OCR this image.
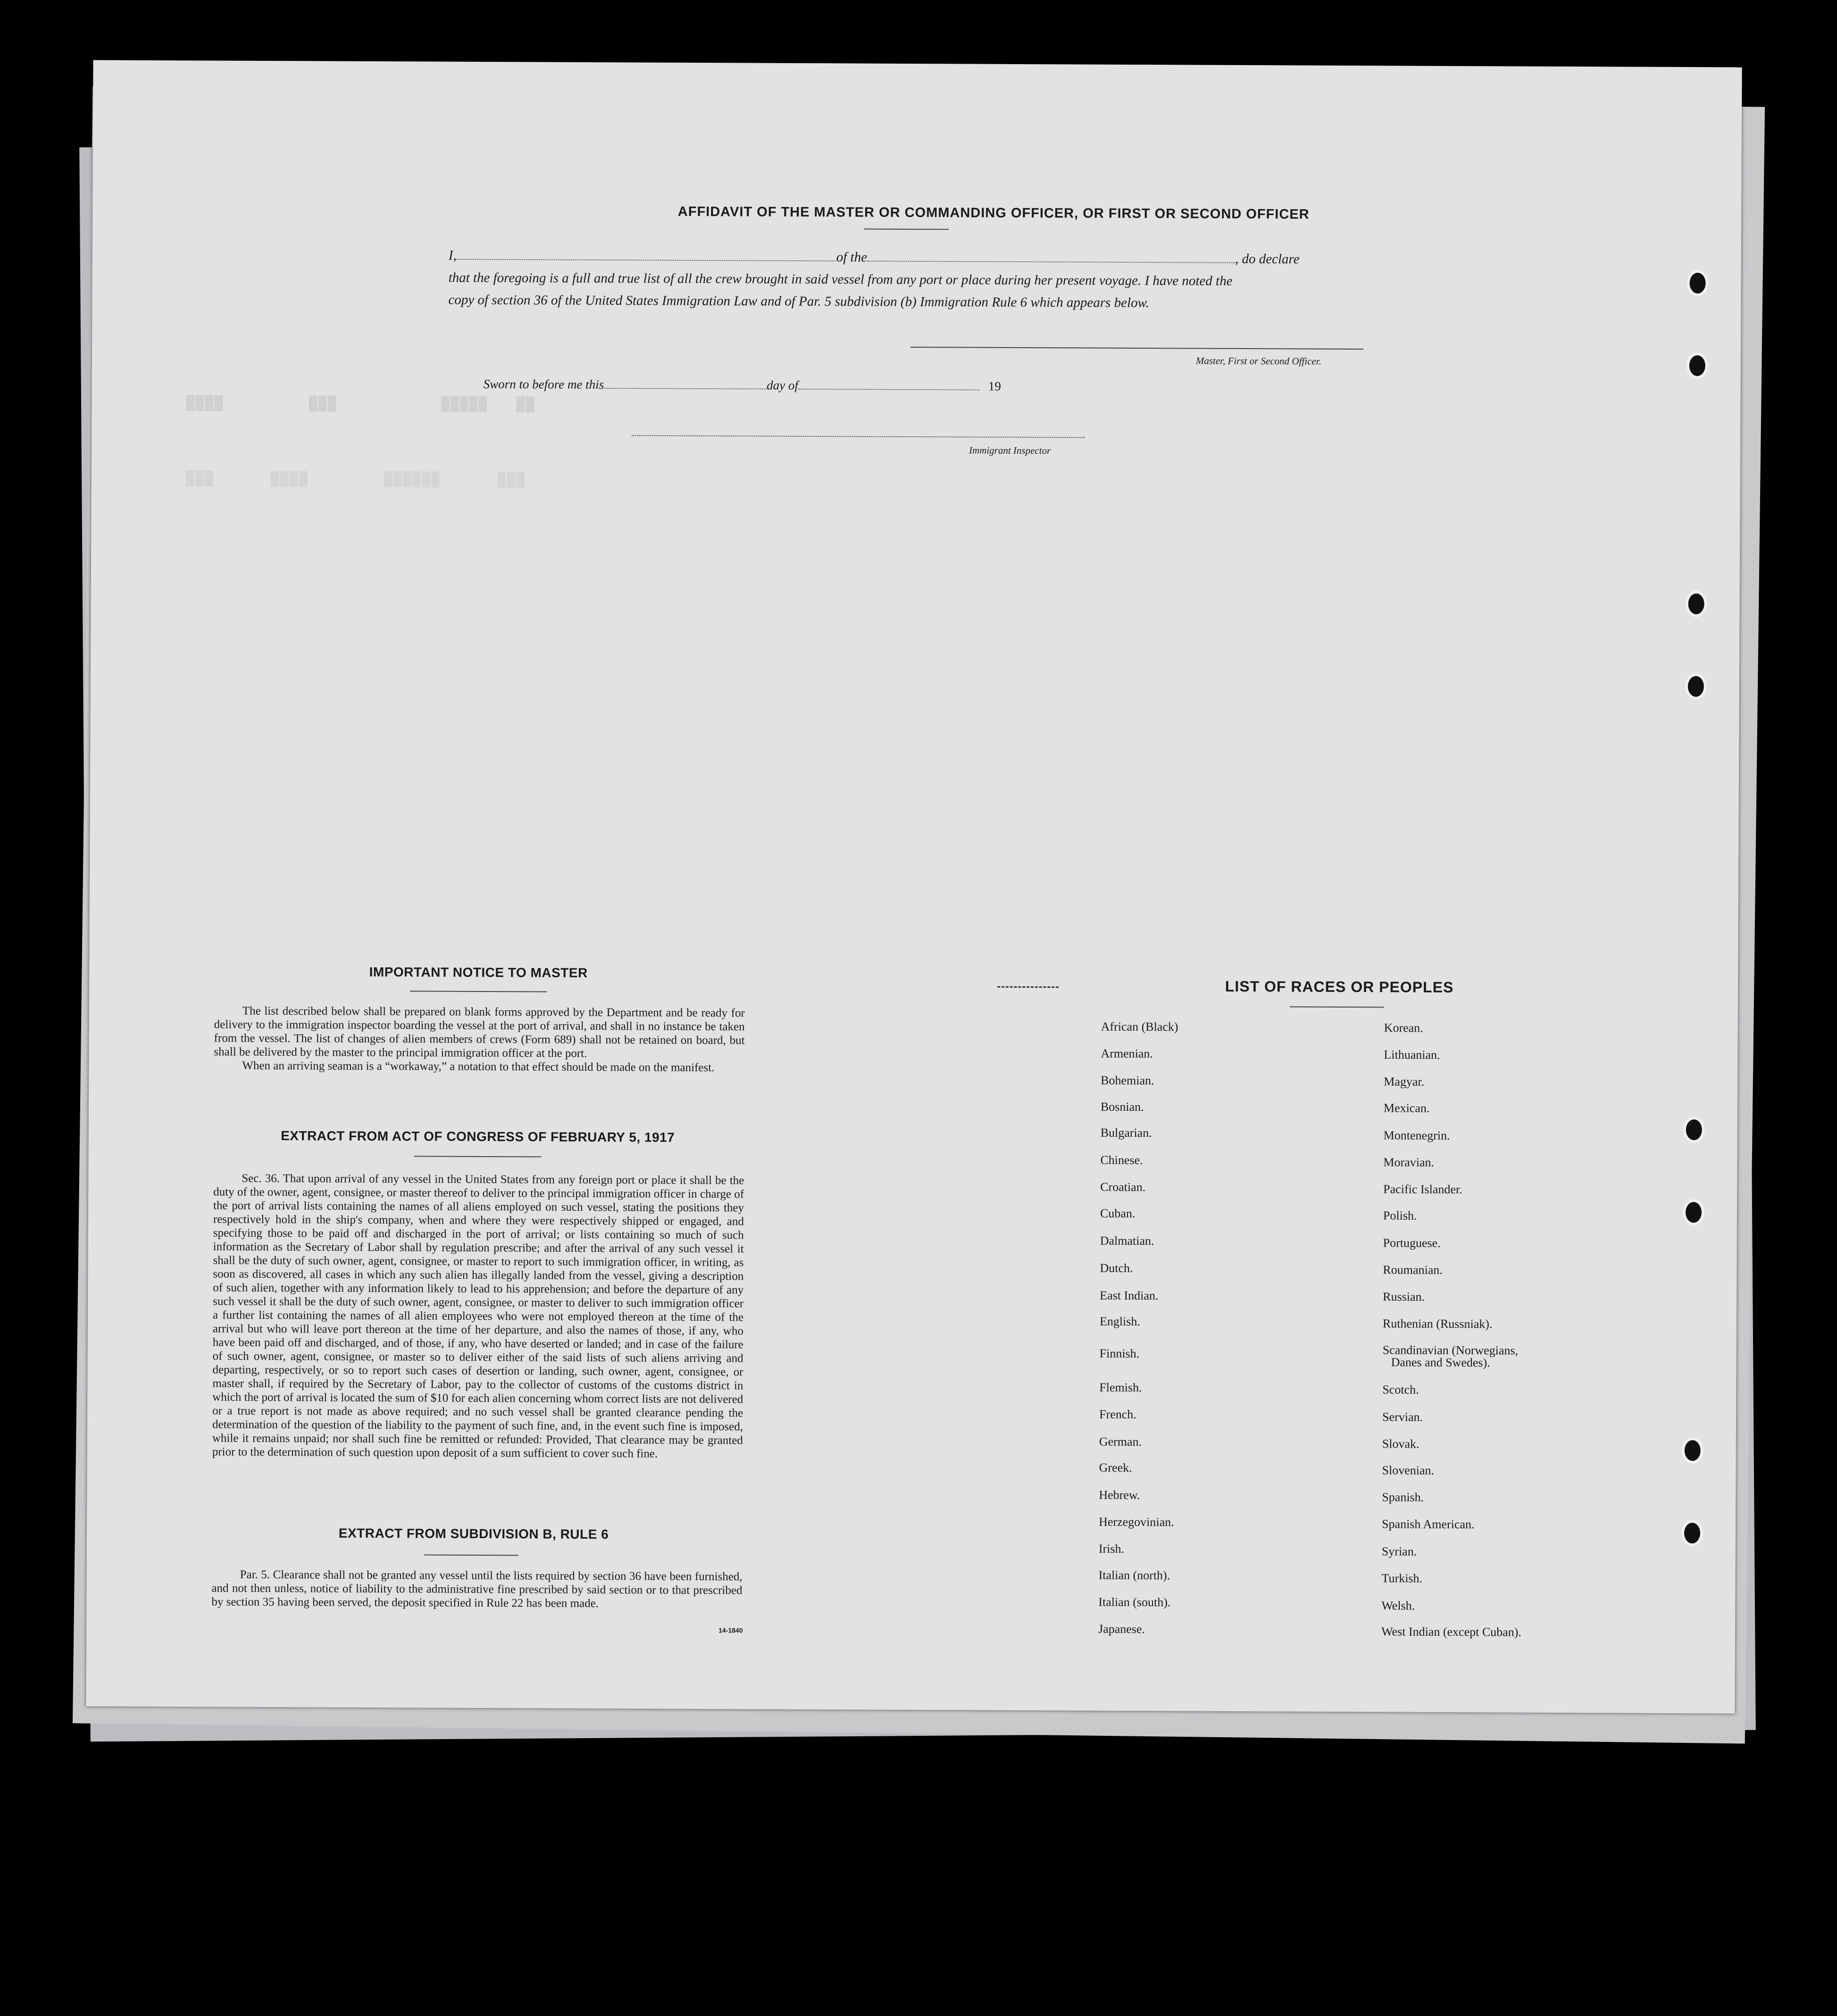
████         ███           █████   ██
███      ████        ██████      ███
AFFIDAVIT OF THE MASTER OR COMMANDING OFFICER, OR FIRST OR SECOND OFFICER
I,	of the	, do declare
that the foregoing is a full and true list of all the crew brought in said vessel from any port or place during her present voyage. I have noted the
copy of section 36 of the United States Immigration Law and of Par. 5 subdivision (b) Immigration Rule 6 which appears below.
Master, First or Second Officer.
Sworn to before me this	day of	19
Immigrant Inspector
IMPORTANT NOTICE TO MASTER

The list described below shall be prepared on blank forms approved by the Department and be ready for delivery to the immigration inspector boarding the vessel at the port of arrival, and shall in no instance be taken from the vessel. The list of changes of alien members of crews (Form 689) shall not be retained on board, but shall be delivered by the master to the principal immigration officer at the port.

When an arriving seaman is a “workaway,” a notation to that effect should be made on the manifest.

EXTRACT FROM ACT OF CONGRESS OF FEBRUARY 5, 1917

Sec. 36. That upon arrival of any vessel in the United States from any foreign port or place it shall be the duty of the owner, agent, consignee, or master thereof to deliver to the principal immigration officer in charge of the port of arrival lists containing the names of all aliens employed on such vessel, stating the positions they respectively hold in the ship's company, when and where they were respectively shipped or engaged, and specifying those to be paid off and discharged in the port of arrival; or lists containing so much of such information as the Secretary of Labor shall by regulation prescribe; and after the arrival of any such vessel it shall be the duty of such owner, agent, consignee, or master to report to such immigration officer, in writing, as soon as discovered, all cases in which any such alien has illegally landed from the vessel, giving a description of such alien, together with any information likely to lead to his apprehension; and before the departure of any such vessel it shall be the duty of such owner, agent, consignee, or master to deliver to such immigration officer a further list containing the names of all alien employees who were not employed thereon at the time of the arrival but who will leave port thereon at the time of her departure, and also the names of those, if any, who have been paid off and discharged, and of those, if any, who have deserted or landed; and in case of the failure of such owner, agent, consignee, or master so to deliver either of the said lists of such aliens arriving and departing, respectively, or so to report such cases of desertion or landing, such owner, agent, consignee, or master shall, if required by the Secretary of Labor, pay to the collector of customs of the customs district in which the port of arrival is located the sum of $10 for each alien concerning whom correct lists are not delivered or a true report is not made as above required; and no such vessel shall be granted clearance pending the determination of the question of the liability to the payment of such fine, and, in the event such fine is imposed, while it remains unpaid; nor shall such fine be remitted or refunded: Provided, That clearance may be granted prior to the determination of such question upon deposit of a sum sufficient to cover such fine.

EXTRACT FROM SUBDIVISION B, RULE 6

Par. 5. Clearance shall not be granted any vessel until the lists required by section 36 have been furnished, and not then unless, notice of liability to the administrative fine prescribed by said section or to that prescribed by section 35 having been served, the deposit specified in Rule 22 has been made.

14-1840
LIST OF RACES OR PEOPLES
African (Black)
Armenian.
Bohemian.
Bosnian.
Bulgarian.
Chinese.
Croatian.
Cuban.
Dalmatian.
Dutch.
East Indian.
English.
Finnish.
Flemish.
French.
German.
Greek.
Hebrew.
Herzegovinian.
Irish.
Italian (north).
Italian (south).
Japanese.
Korean.
Lithuanian.
Magyar.
Mexican.
Montenegrin.
Moravian.
Pacific Islander.
Polish.
Portuguese.
Roumanian.
Russian.
Ruthenian (Russniak).
Scandinavian (Norwegians,
Danes and Swedes).
Scotch.
Servian.
Slovak.
Slovenian.
Spanish.
Spanish American.
Syrian.
Turkish.
Welsh.
West Indian (except Cuban).
